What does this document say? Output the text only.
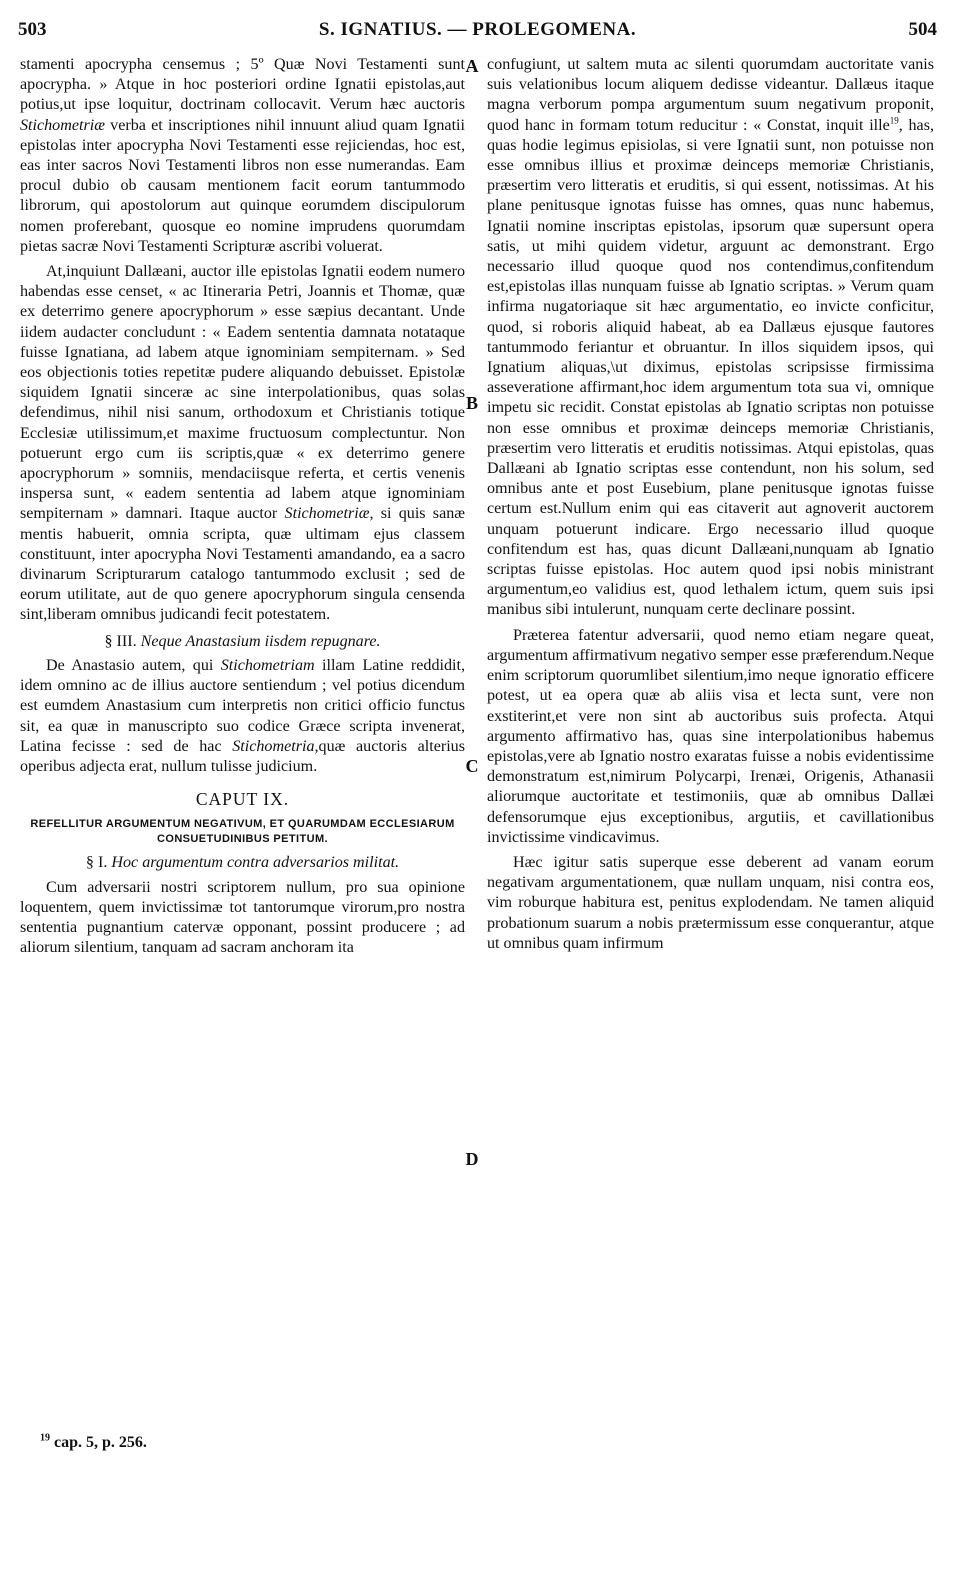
503	S. IGNATIUS. — PROLEGOMENA.	504
A
B
C
D

stamenti apocrypha censemus ; 5º Quæ Novi Testamenti sunt apocrypha. » Atque in hoc posteriori ordine Ignatii epistolas,aut potius,ut ipse loquitur, doctrinam collocavit. Verum hæc auctoris Stichometriæ verba et inscriptiones nihil innuunt aliud quam Ignatii epistolas inter apocrypha Novi Testamenti esse rejiciendas, hoc est, eas inter sacros Novi Testamenti libros non esse numerandas. Eam procul dubio ob causam mentionem facit eorum tantummodo librorum, qui apostolorum aut quinque eorumdem discipulorum nomen proferebant, quosque eo nomine imprudens quorumdam pietas sacræ Novi Testamenti Scripturæ ascribi voluerat.

At,inquiunt Dallæani, auctor ille epistolas Ignatii eodem numero habendas esse censet, « ac Itineraria Petri, Joannis et Thomæ, quæ ex deterrimo genere apocryphorum » esse sæpius decantant. Unde iidem audacter concludunt : « Eadem sententia damnata notataque fuisse Ignatiana, ad labem atque ignominiam sempiternam. » Sed eos objectionis toties repetitæ pudere aliquando debuisset. Epistolæ siquidem Ignatii sinceræ ac sine interpolationibus, quas solas defendimus, nihil nisi sanum, orthodoxum et Christianis totique Ecclesiæ utilissimum,et maxime fructuosum complectuntur. Non potuerunt ergo cum iis scriptis,quæ « ex deterrimo genere apocryphorum » somniis, mendaciisque referta, et certis venenis inspersa sunt, « eadem sententia ad labem atque ignominiam sempiternam » damnari. Itaque auctor Stichometriæ, si quis sanæ mentis habuerit, omnia scripta, quæ ultimam ejus classem constituunt, inter apocrypha Novi Testamenti amandando, ea a sacro divinarum Scripturarum catalogo tantummodo exclusit ; sed de eorum utilitate, aut de quo genere apocryphorum singula censenda sint,liberam omnibus judicandi fecit potestatem.

§ III. Neque Anastasium iisdem repugnare.

De Anastasio autem, qui Stichometriam illam Latine reddidit, idem omnino ac de illius auctore sentiendum ; vel potius dicendum est eumdem Anastasium cum interpretis non critici officio functus sit, ea quæ in manuscripto suo codice Græce scripta invenerat, Latina fecisse : sed de hac Stichometria,quæ auctoris alterius operibus adjecta erat, nullum tulisse judicium.

CAPUT IX.
REFELLITUR ARGUMENTUM NEGATIVUM, ET QUARUMDAM ECCLESIARUM CONSUETUDINIBUS PETITUM.
§ I. Hoc argumentum contra adversarios militat.

Cum adversarii nostri scriptorem nullum, pro sua opinione loquentem, quem invictissimæ tot tantorumque virorum,pro nostra sententia pugnantium catervæ opponant, possint producere ; ad aliorum silentium, tanquam ad sacram anchoram ita

confugiunt, ut saltem muta ac silenti quorumdam auctoritate vanis suis velationibus locum aliquem dedisse videantur. Dallæus itaque magna verborum pompa argumentum suum negativum proponit, quod hanc in formam totum reducitur : « Constat, inquit ille$^{19}$, has, quas hodie legimus episiolas, si vere Ignatii sunt, non potuisse non esse omnibus illius et proximæ deinceps memoriæ Christianis, præsertim vero litteratis et eruditis, si qui essent, notissimas. At his plane penitusque ignotas fuisse has omnes, quas nunc habemus, Ignatii nomine inscriptas epistolas, ipsorum quæ supersunt opera satis, ut mihi quidem videtur, arguunt ac demonstrant. Ergo necessario illud quoque quod nos contendimus,confitendum est,epistolas illas nunquam fuisse ab Ignatio scriptas. » Verum quam infirma nugatoriaque sit hæc argumentatio, eo invicte conficitur, quod, si roboris aliquid habeat, ab ea Dallæus ejusque fautores tantummodo feriantur et obruantur. In illos siquidem ipsos, qui Ignatium aliquas,\ut diximus, epistolas scripsisse firmissima asseveratione affirmant,hoc idem argumentum tota sua vi, omnique impetu sic recidit. Constat epistolas ab Ignatio scriptas non potuisse non esse omnibus et proximæ deinceps memoriæ Christianis, præsertim vero litteratis et eruditis notissimas. Atqui epistolas, quas Dallæani ab Ignatio scriptas esse contendunt, non his solum, sed omnibus ante et post Eusebium, plane penitusque ignotas fuisse certum est.Nullum enim qui eas citaverit aut agnoverit auctorem unquam potuerunt indicare. Ergo necessario illud quoque confitendum est has, quas dicunt Dallæani,nunquam ab Ignatio scriptas fuisse epistolas. Hoc autem quod ipsi nobis ministrant argumentum,eo validius est, quod lethalem ictum, quem suis ipsi manibus sibi intulerunt, nunquam certe declinare possint.

Præterea fatentur adversarii, quod nemo etiam negare queat, argumentum affirmativum negativo semper esse præferendum.Neque enim scriptorum quorumlibet silentium,imo neque ignoratio efficere potest, ut ea opera quæ ab aliis visa et lecta sunt, vere non exstiterint,et vere non sint ab auctoribus suis profecta. Atqui argumento affirmativo has, quas sine interpolationibus habemus epistolas,vere ab Ignatio nostro exaratas fuisse a nobis evidentissime demonstratum est,nimirum Polycarpi, Irenæi, Origenis, Athanasii aliorumque auctoritate et testimoniis, quæ ab omnibus Dallæi defensorumque ejus exceptionibus, argutiis, et cavillationibus invictissime vindicavimus.

Hæc igitur satis superque esse deberent ad vanam eorum negativam argumentationem, quæ nullam unquam, nisi contra eos, vim roburque habitura est, penitus explodendam. Ne tamen aliquid probationum suarum a nobis prætermissum esse conquerantur, atque ut omnibus quam infirmum

$^{19}$ cap. 5, p. 256.
